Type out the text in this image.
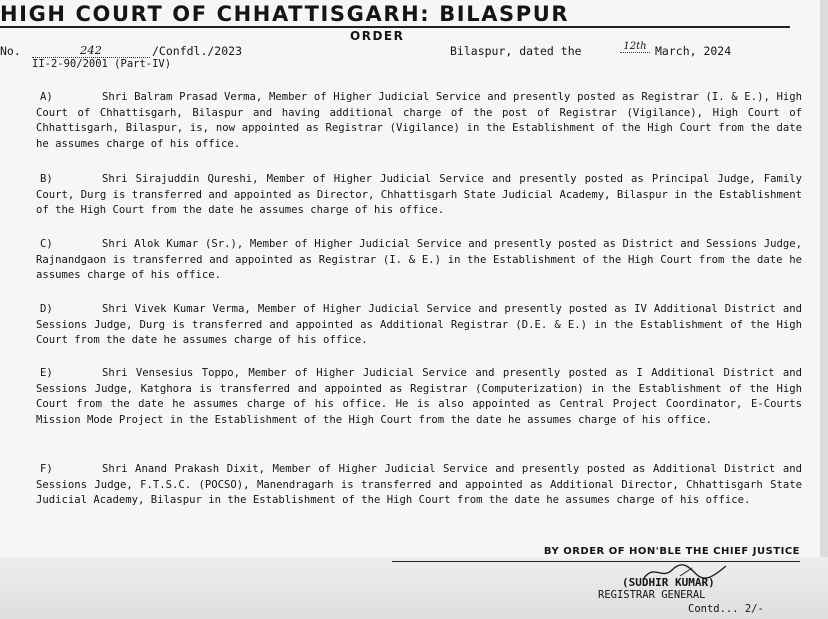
HIGH COURT OF CHHATTISGARH: BILASPUR
ORDER
No.	242	/Confdl./2023	Bilaspur, dated the	12th March, 2024
II-2-90/2001 (Part-IV)
A)	Shri Balram Prasad Verma, Member of Higher Judicial Service and presently posted as Registrar (I. & E.), High Court of Chhattisgarh, Bilaspur and having additional charge of the post of Registrar (Vigilance), High Court of Chhattisgarh, Bilaspur, is, now appointed as Registrar (Vigilance) in the Establishment of the High Court from the date he assumes charge of his office.
B)	Shri Sirajuddin Qureshi, Member of Higher Judicial Service and presently posted as Principal Judge, Family Court, Durg is transferred and appointed as Director, Chhattisgarh State Judicial Academy, Bilaspur in the Establishment of the High Court from the date he assumes charge of his office.
C)	Shri Alok Kumar (Sr.), Member of Higher Judicial Service and presently posted as District and Sessions Judge, Rajnandgaon is transferred and appointed as Registrar (I. & E.) in the Establishment of the High Court from the date he assumes charge of his office.
D)	Shri Vivek Kumar Verma, Member of Higher Judicial Service and presently posted as IV Additional District and Sessions Judge, Durg is transferred and appointed as Additional Registrar (D.E. & E.) in the Establishment of the High Court from the date he assumes charge of his office.
E)	Shri Vensesius Toppo, Member of Higher Judicial Service and presently posted as I Additional District and Sessions Judge, Katghora is transferred and appointed as Registrar (Computerization) in the Establishment of the High Court from the date he assumes charge of his office. He is also appointed as Central Project Coordinator, E-Courts Mission Mode Project in the Establishment of the High Court from the date he assumes charge of his office.
F)	Shri Anand Prakash Dixit, Member of Higher Judicial Service and presently posted as Additional District and Sessions Judge, F.T.S.C. (POCSO), Manendragarh is transferred and appointed as Additional Director, Chhattisgarh State Judicial Academy, Bilaspur in the Establishment of the High Court from the date he assumes charge of his office.
BY ORDER OF HON'BLE THE CHIEF JUSTICE
(SUDHIR KUMAR)
REGISTRAR GENERAL
Contd... 2/-
